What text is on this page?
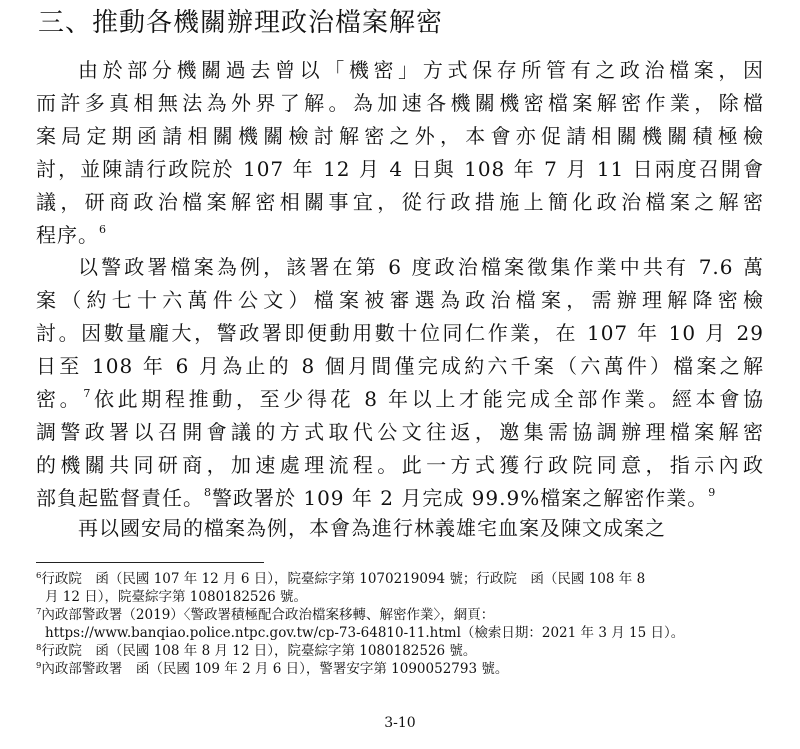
三、推動各機關辦理政治檔案解密
由於部分機關過去曾以「機密」方式保存所管有之政治檔案，因
而許多真相無法為外界了解。為加速各機關機密檔案解密作業，除檔
案局定期函請相關機關檢討解密之外，本會亦促請相關機關積極檢
討，並陳請行政院於 107 年 12 月 4 日與 108 年 7 月 11 日兩度召開會
議，研商政治檔案解密相關事宜，從行政措施上簡化政治檔案之解密
程序。$^6$
以警政署檔案為例，該署在第 6 度政治檔案徵集作業中共有 7.6 萬
案（約七十六萬件公文）檔案被審選為政治檔案，需辦理解降密檢
討。因數量龐大，警政署即便動用數十位同仁作業，在 107 年 10 月 29
日至 108 年 6 月為止的 8 個月間僅完成約六千案（六萬件）檔案之解
密。$^7$依此期程推動，至少得花 8 年以上才能完成全部作業。經本會協
調警政署以召開會議的方式取代公文往返，邀集需協調辦理檔案解密
的機關共同研商，加速處理流程。此一方式獲行政院同意，指示內政
部負起監督責任。$^8$警政署於 109 年 2 月完成 99.9%檔案之解密作業。$^9$
再以國安局的檔案為例，本會為進行林義雄宅血案及陳文成案之
$^6$行政院　函（民國 107 年 12 月 6 日），院臺綜字第 1070219094 號；行政院　函（民國 108 年 8
月 12 日），院臺綜字第 1080182526 號。
$^7$內政部警政署（2019）〈警政署積極配合政治檔案移轉、解密作業〉，網頁：
https://www.banqiao.police.ntpc.gov.tw/cp-73-64810-11.html（檢索日期：2021 年 3 月 15 日）。
$^8$行政院　函（民國 108 年 8 月 12 日），院臺綜字第 1080182526 號。
$^9$內政部警政署　函（民國 109 年 2 月 6 日），警署安字第 1090052793 號。
3-10
